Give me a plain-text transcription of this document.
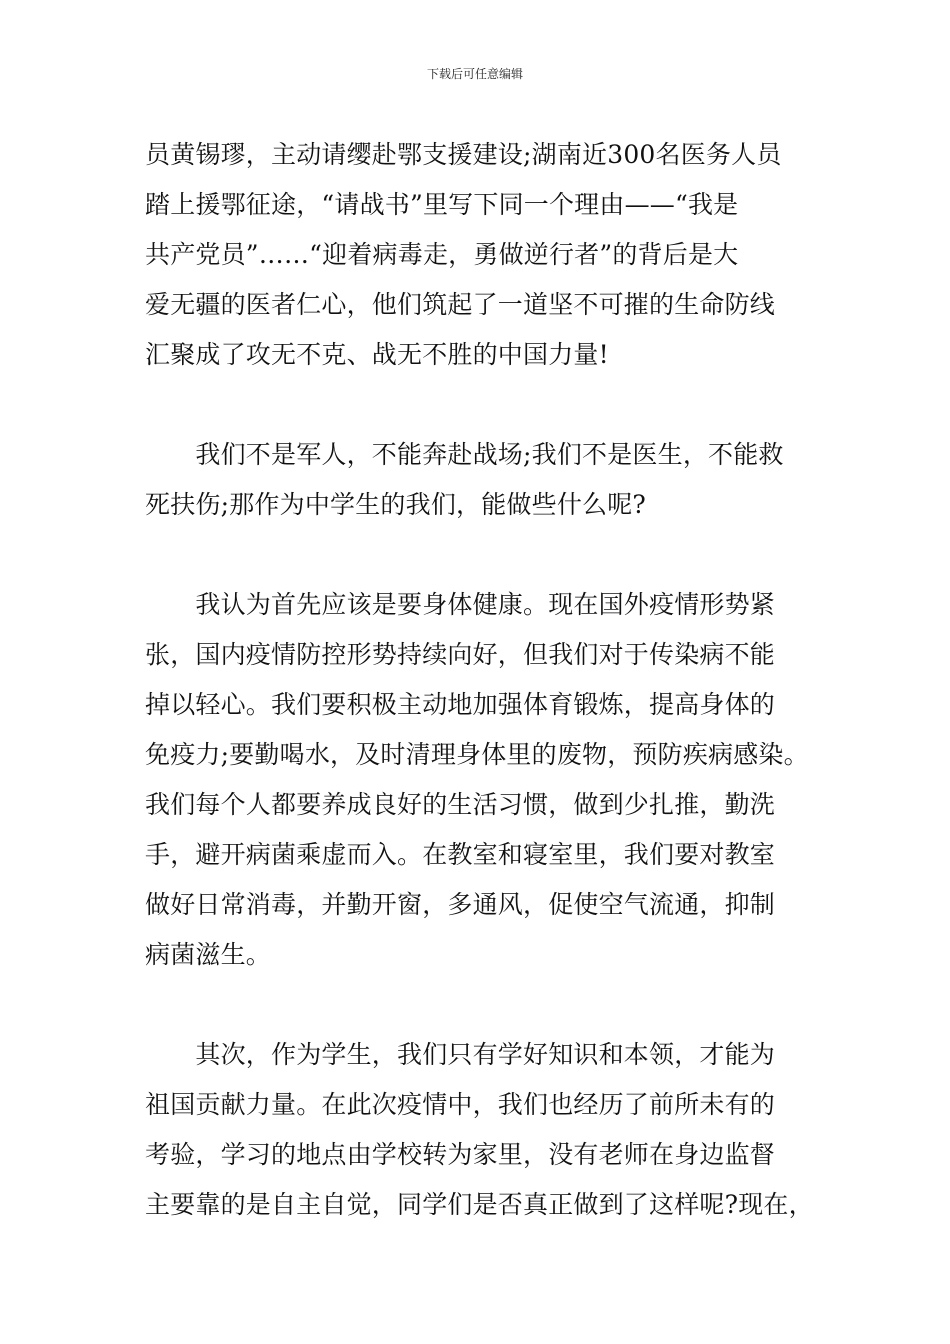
下载后可任意编辑
员黄锡璆，主动请缨赴鄂支援建设;湖南近300名医务人员
踏上援鄂征途，“请战书”里写下同一个理由——“我是
共产党员”……“迎着病毒走，勇做逆行者”的背后是大
爱无疆的医者仁心，他们筑起了一道坚不可摧的生命防线
汇聚成了攻无不克、战无不胜的中国力量!
　　我们不是军人，不能奔赴战场;我们不是医生，不能救
死扶伤;那作为中学生的我们，能做些什么呢?
　　我认为首先应该是要身体健康。现在国外疫情形势紧
张，国内疫情防控形势持续向好，但我们对于传染病不能
掉以轻心。我们要积极主动地加强体育锻炼，提高身体的
免疫力;要勤喝水，及时清理身体里的废物，预防疾病感染。
我们每个人都要养成良好的生活习惯，做到少扎推，勤洗
手，避开病菌乘虚而入。在教室和寝室里，我们要对教室
做好日常消毒，并勤开窗，多通风，促使空气流通，抑制
病菌滋生。
　　其次，作为学生，我们只有学好知识和本领，才能为
祖国贡献力量。在此次疫情中，我们也经历了前所未有的
考验，学习的地点由学校转为家里，没有老师在身边监督
主要靠的是自主自觉，同学们是否真正做到了这样呢?现在，
